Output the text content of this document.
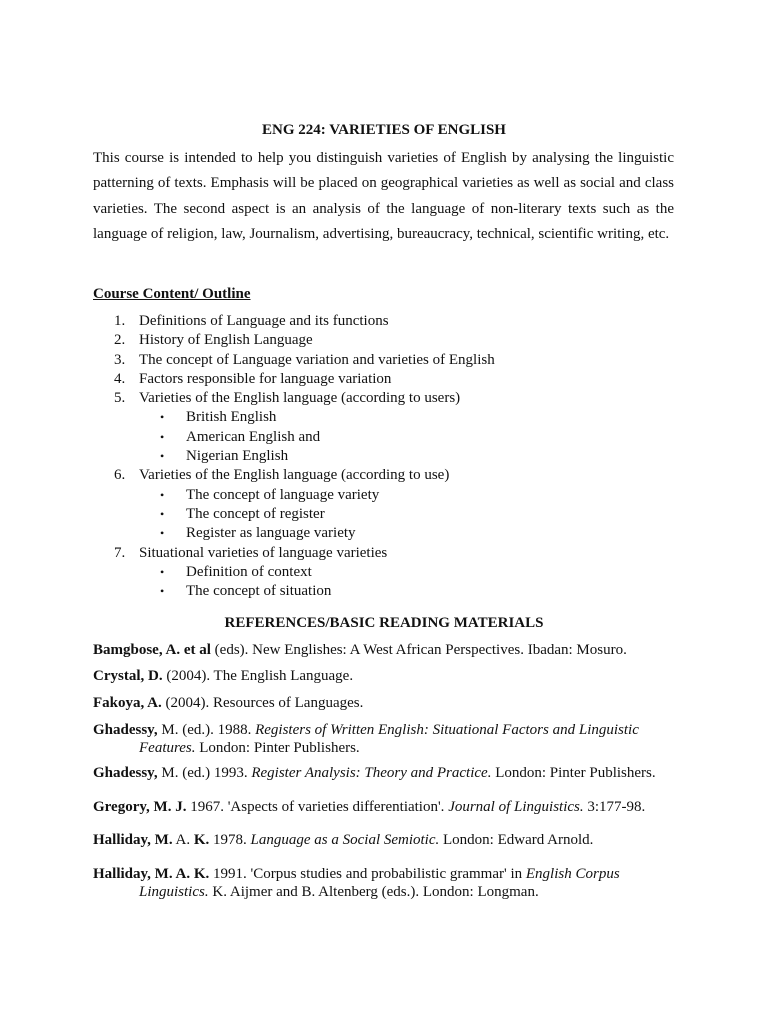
ENG 224: VARIETIES OF ENGLISH

This course is intended to help you distinguish varieties of English by analysing the linguistic patterning of texts. Emphasis will be placed on geographical varieties as well as social and class varieties. The second aspect is an analysis of the language of non-literary texts such as the language of religion, law, Journalism, advertising, bureaucracy, technical, scientific writing, etc.

Course Content/ Outline
1. Definitions of Language and its functions
2. History of English Language
3. The concept of Language variation and varieties of English
4. Factors responsible for language variation
5. Varieties of the English language (according to users)
•	British English
•	American English and
•	Nigerian English
6. Varieties of the English language (according to use)
•	The concept of language variety
•	The concept of register
•	Register as language variety
7. Situational varieties of language varieties
•	Definition of context
•	The concept of situation
REFERENCES/BASIC READING MATERIALS
Bamgbose, A. et al (eds). New Englishes: A West African Perspectives. Ibadan: Mosuro.
Crystal, D. (2004). The English Language.
Fakoya, A. (2004). Resources of Languages.
Ghadessy, M. (ed.). 1988. Registers of Written English: Situational Factors and Linguistic
Features. London: Pinter Publishers.
Ghadessy, M. (ed.) 1993. Register Analysis: Theory and Practice. London: Pinter Publishers.
Gregory, M. J. 1967. 'Aspects of varieties differentiation'. Journal of Linguistics. 3:177-98.
Halliday, M. A. K. 1978. Language as a Social Semiotic. London: Edward Arnold.
Halliday, M. A. K. 1991. 'Corpus studies and probabilistic grammar' in English Corpus
Linguistics. K. Aijmer and B. Altenberg (eds.). London: Longman.
